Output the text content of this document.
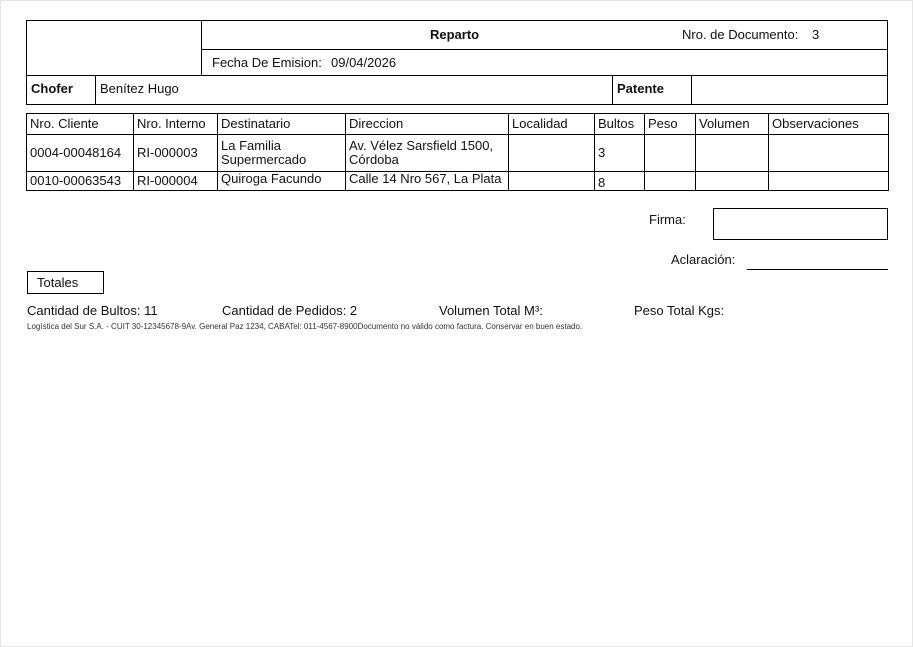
Reparto	Nro. de Documento: 3
Fecha De Emision: 09/04/2026
Chofer	Benítez Hugo	Patente
Nro. Cliente	Nro. Interno	Destinatario	Direccion	Localidad	Bultos	Peso	Volumen	Observaciones
0004-00048164	RI-000003	La Familia Supermercado	Av. Vélez Sarsfield 1500, Córdoba		3			
0010-00063543	RI-000004	Quiroga Facundo	Calle 14 Nro 567, La Plata		8			
Firma:
Aclaración:
Totales
Cantidad de Bultos: 11	Cantidad de Pedidos: 2	Volumen Total M³:	Peso Total Kgs:
Logística del Sur S.A. - CUIT 30-12345678-9Av. General Paz 1234, CABATel: 011-4567-8900Documento no válido como factura. Conservar en buen estado.
